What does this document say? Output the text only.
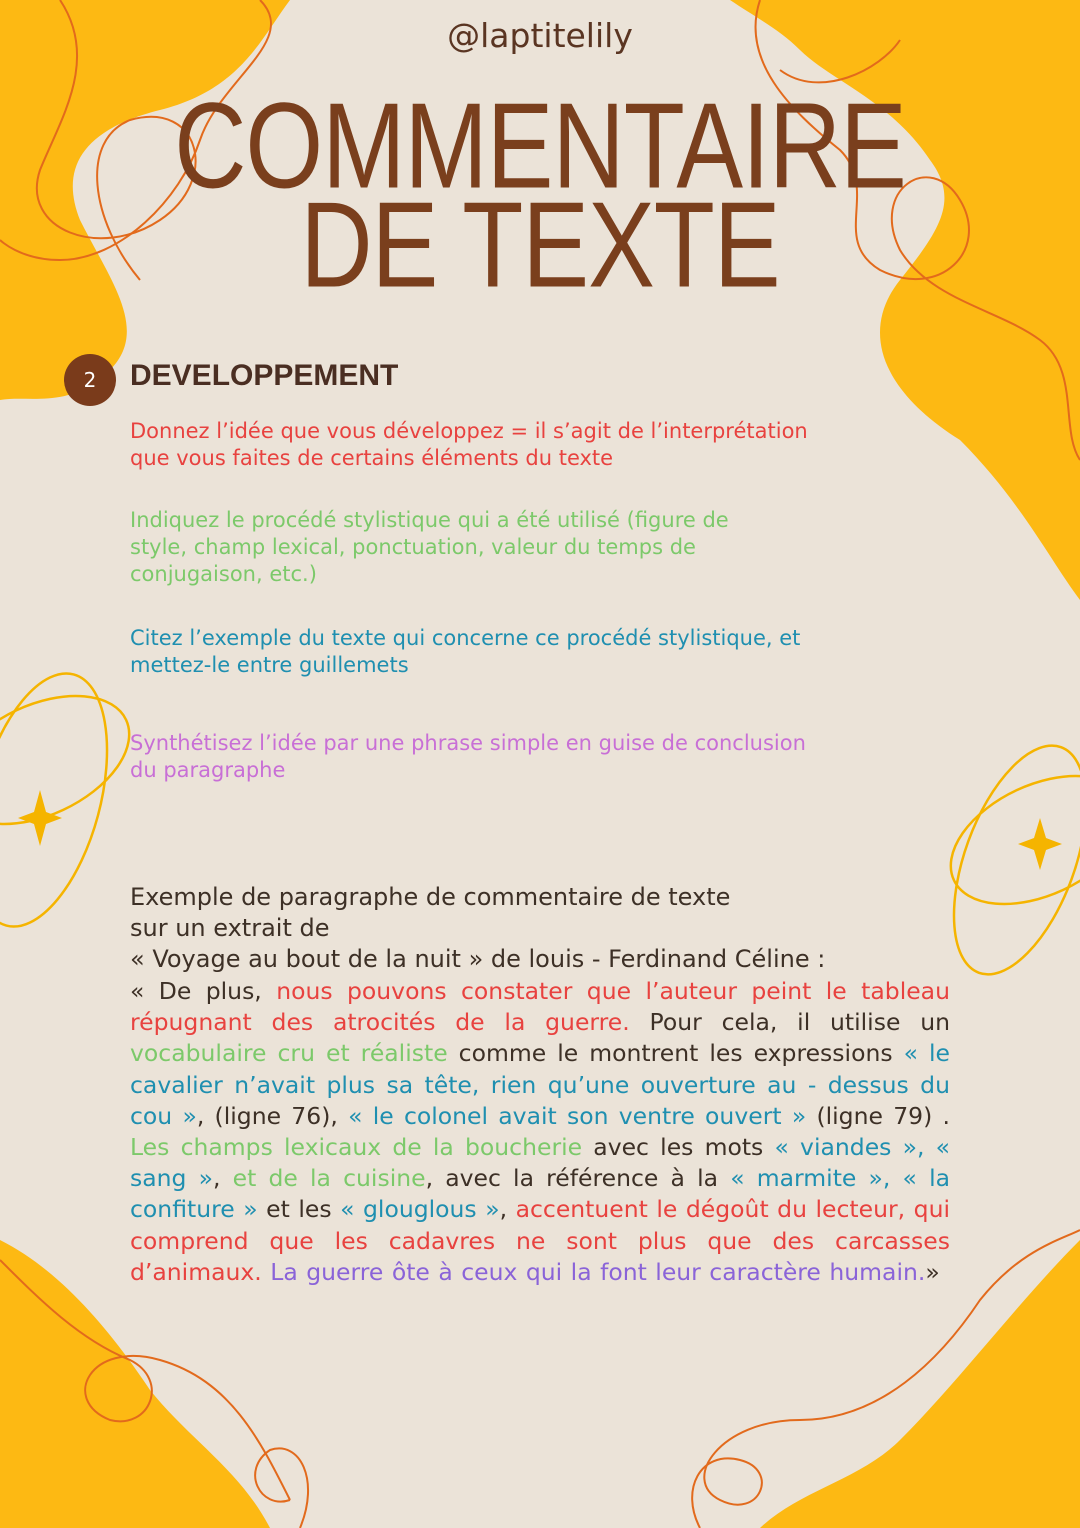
@laptitelily
COMMENTAIRE
DE TEXTE
2	DEVELOPPEMENT
Donnez l’idée que vous développez = il s’agit de l’interprétation que vous faites de certains éléments du texte
Indiquez le procédé stylistique qui a été utilisé (figure de style, champ lexical, ponctuation, valeur du temps de conjugaison, etc.)
Citez l’exemple du texte qui concerne ce procédé stylistique, et mettez-le entre guillemets
Synthétisez l’idée par une phrase simple en guise de conclusion du paragraphe
Exemple de paragraphe de commentaire de texte
sur un extrait de
« Voyage au bout de la nuit » de louis - Ferdinand Céline :
« De plus, nous pouvons constater que l’auteur peint le tableau répugnant des atrocités de la guerre. Pour cela, il utilise un vocabulaire cru et réaliste comme le montrent les expressions « le cavalier n’avait plus sa tête, rien qu’une ouverture au - dessus du cou », (ligne 76), « le colonel avait son ventre ouvert » (ligne 79) . Les champs lexicaux de la boucherie avec les mots « viandes », « sang », et de la cuisine, avec la référence à la « marmite », « la confiture » et les « glouglous », accentuent le dégoût du lecteur, qui comprend que les cadavres ne sont plus que des carcasses d’animaux. La guerre ôte à ceux qui la font leur caractère humain.»
